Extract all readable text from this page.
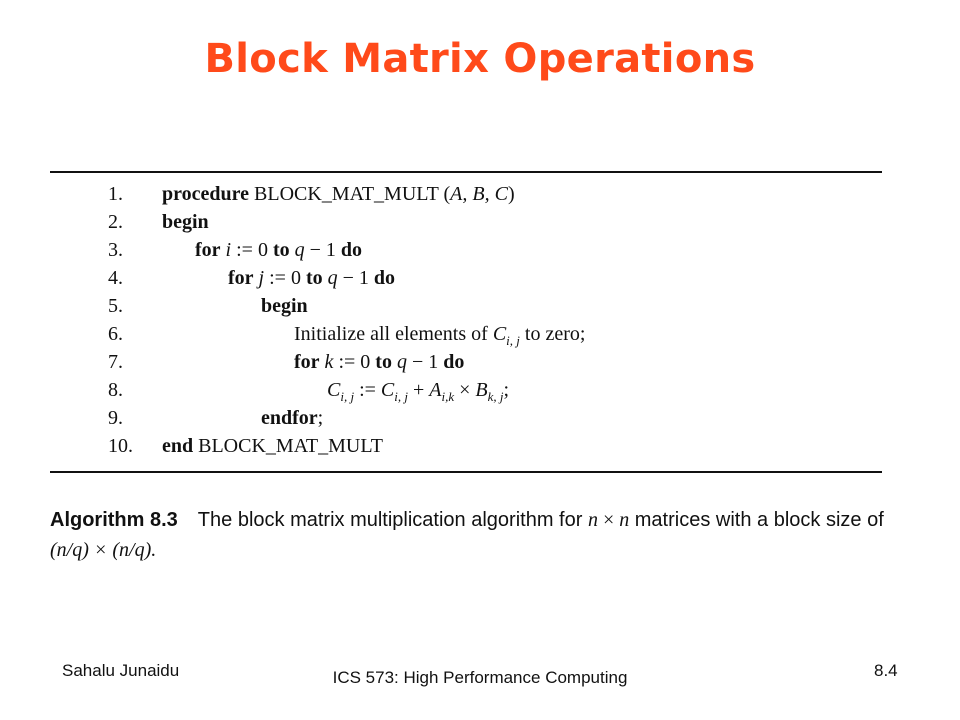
Block Matrix Operations
1. procedure BLOCK_MAT_MULT (A, B, C)
2. begin
3.	for i := 0 to q − 1 do
4.	for j := 0 to q − 1 do
5.	begin
6.	Initialize all elements of $C_{i, j}$ to zero;
7.	for k := 0 to q − 1 do
8.	$C_{i, j}$ := $C_{i, j} + A_{i,k} \times B_{k, j}$;
9.	endfor;
10. end BLOCK_MAT_MULT
Algorithm 8.3 The block matrix multiplication algorithm for n × n matrices with a block size of
(n/q) × (n/q).
Sahalu Junaidu	ICS 573: High Performance Computing	8.4
